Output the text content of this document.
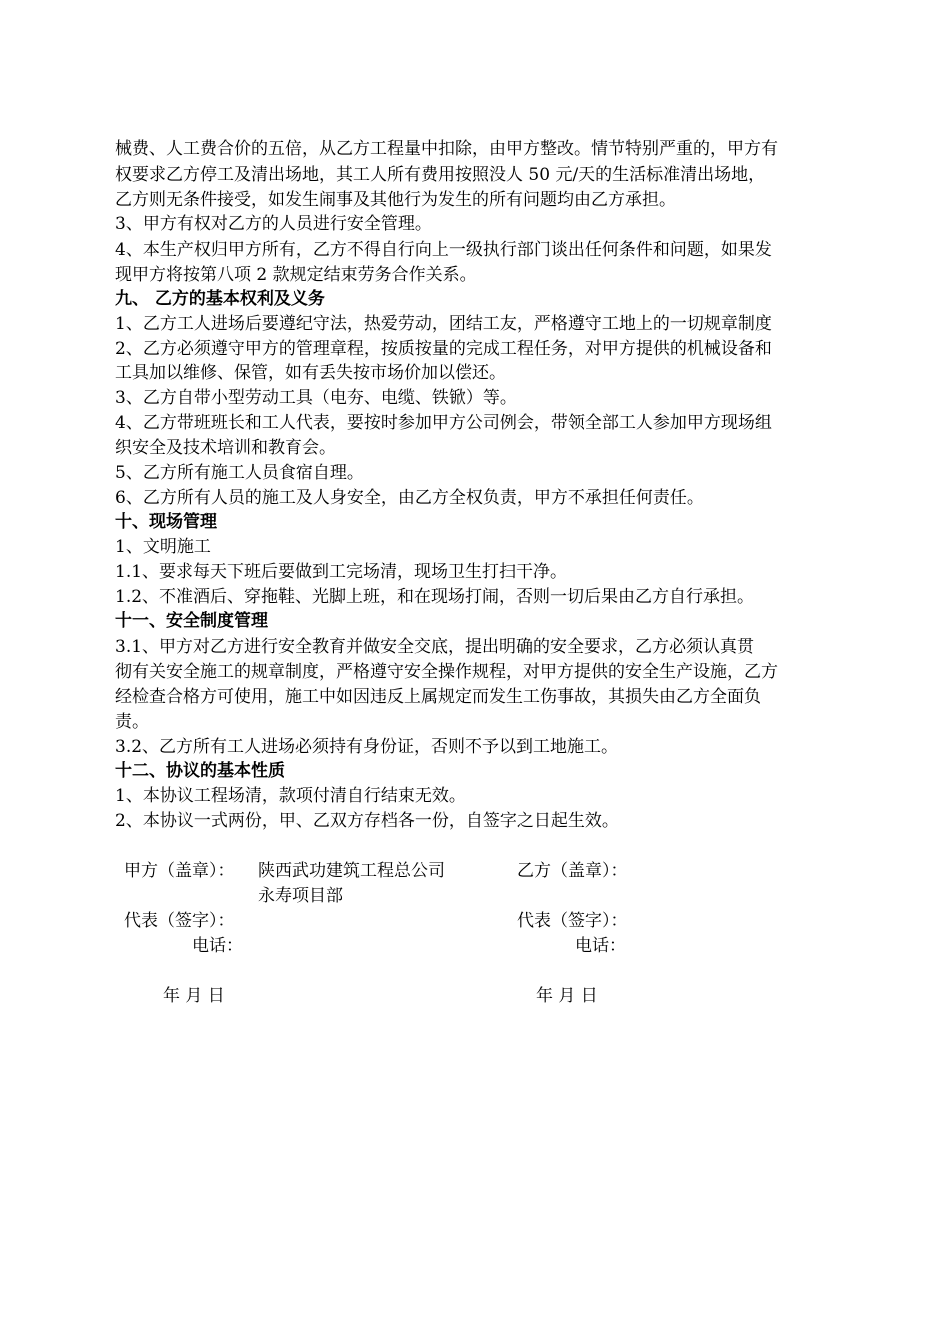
械费、人工费合价的五倍，从乙方工程量中扣除，由甲方整改。情节特别严重的，甲方有
权要求乙方停工及清出场地，其工人所有费用按照没人 50 元/天的生活标准清出场地，
乙方则无条件接受，如发生闹事及其他行为发生的所有问题均由乙方承担。
3、甲方有权对乙方的人员进行安全管理。
4、本生产权归甲方所有，乙方不得自行向上一级执行部门谈出任何条件和问题，如果发
现甲方将按第八项 2 款规定结束劳务合作关系。
九、 乙方的基本权利及义务
1、乙方工人进场后要遵纪守法，热爱劳动，团结工友，严格遵守工地上的一切规章制度
2、乙方必须遵守甲方的管理章程，按质按量的完成工程任务，对甲方提供的机械设备和
工具加以维修、保管，如有丢失按市场价加以偿还。
3、乙方自带小型劳动工具（电夯、电缆、铁锨）等。
4、乙方带班班长和工人代表，要按时参加甲方公司例会，带领全部工人参加甲方现场组
织安全及技术培训和教育会。
5、乙方所有施工人员食宿自理。
6、乙方所有人员的施工及人身安全，由乙方全权负责，甲方不承担任何责任。
十、现场管理
1、文明施工
1.1、要求每天下班后要做到工完场清，现场卫生打扫干净。
1.2、不准酒后、穿拖鞋、光脚上班，和在现场打闹，否则一切后果由乙方自行承担。
十一、安全制度管理
3.1、甲方对乙方进行安全教育并做安全交底，提出明确的安全要求，乙方必须认真贯
彻有关安全施工的规章制度，严格遵守安全操作规程，对甲方提供的安全生产设施，乙方
经检查合格方可使用，施工中如因违反上属规定而发生工伤事故，其损失由乙方全面负
责。
3.2、乙方所有工人进场必须持有身份证，否则不予以到工地施工。
十二、协议的基本性质
1、本协议工程场清，款项付清自行结束无效。
2、本协议一式两份，甲、乙双方存档各一份，自签字之日起生效。
甲方（盖章）： 陕西武功建筑工程总公司
永寿项目部
代表（签字）：
电话：
年 月 日
乙方（盖章）：
代表（签字）：
电话：
年 月 日
